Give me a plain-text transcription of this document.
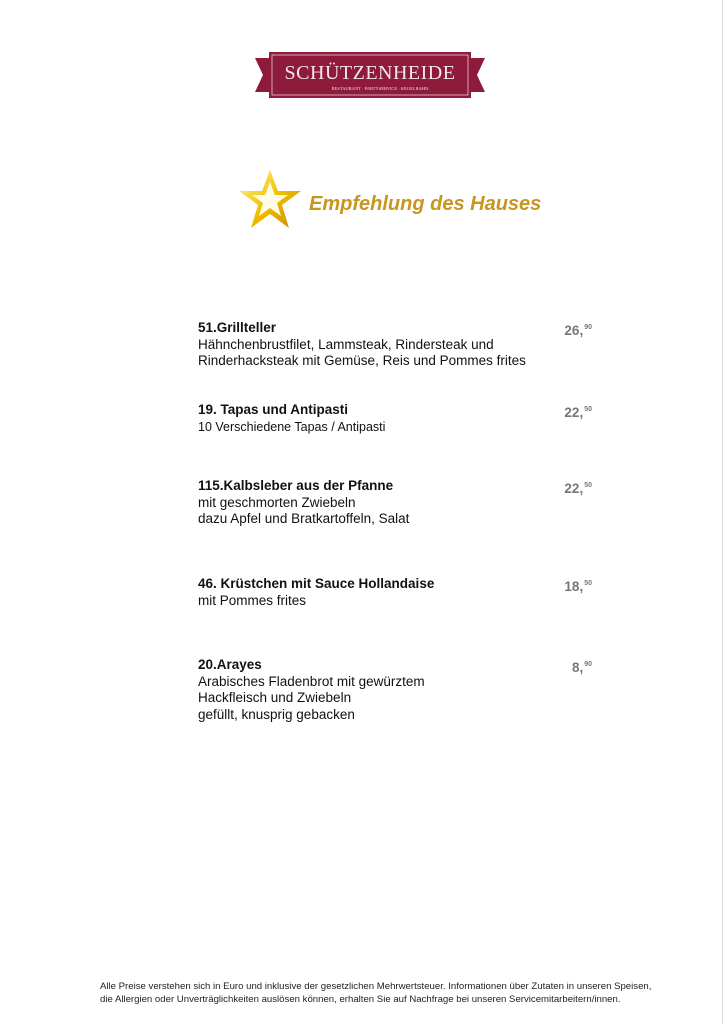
SCHÜTZENHEIDE
RESTAURANT · PARTYSERVICE · KEGELBAHN
Empfehlung des Hauses
51.Grillteller
Hähnchenbrustfilet, Lammsteak, Rindersteak und
Rinderhacksteak mit Gemüse, Reis und Pommes frites
26,90
19. Tapas und Antipasti
10 Verschiedene Tapas / Antipasti
22,50
115.Kalbsleber aus der Pfanne
mit geschmorten Zwiebeln
dazu Apfel und Bratkartoffeln, Salat
22,50
46. Krüstchen mit Sauce Hollandaise
mit Pommes frites
18,50
20.Arayes
Arabisches Fladenbrot mit gewürztem
Hackfleisch und Zwiebeln
gefüllt, knusprig gebacken
8,90
Alle Preise verstehen sich in Euro und inklusive der gesetzlichen Mehrwertsteuer. Informationen über Zutaten in unseren Speisen,
die Allergien oder Unverträglichkeiten auslösen können, erhalten Sie auf Nachfrage bei unseren Servicemitarbeitern/innen.
